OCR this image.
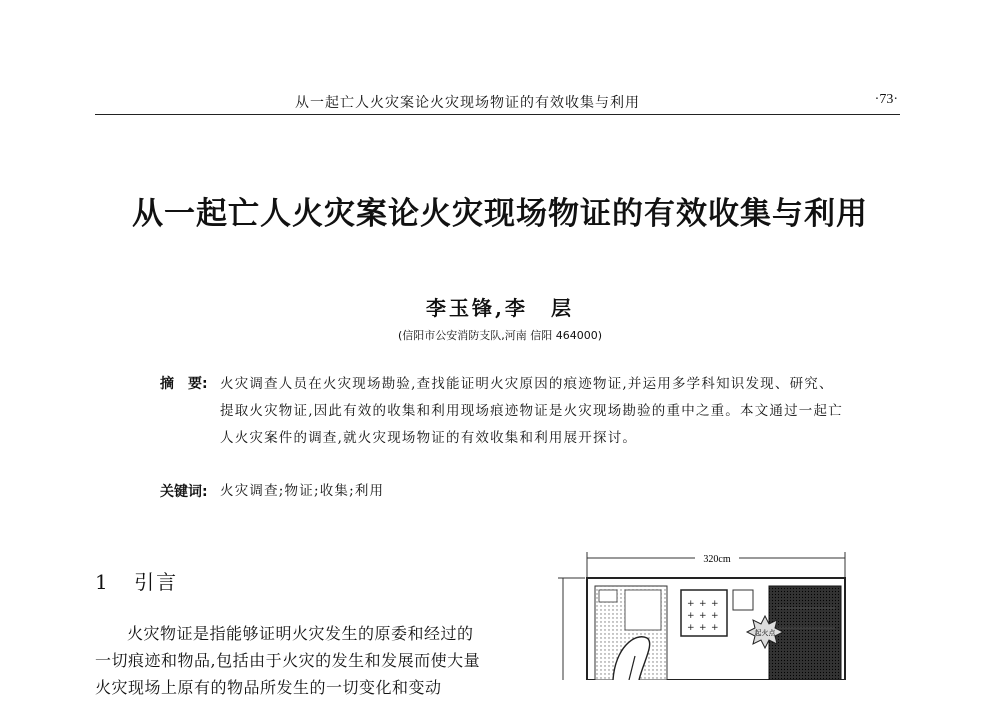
从一起亡人火灾案论火灾现场物证的有效收集与利用	·73·
从一起亡人火灾案论火灾现场物证的有效收集与利用
李玉锋,李　层
(信阳市公安消防支队,河南 信阳 464000)
摘　要: 火灾调查人员在火灾现场勘验,查找能证明火灾原因的痕迹物证,并运用多学科知识发现、研究、提取火灾物证,因此有效的收集和利用现场痕迹物证是火灾现场勘验的重中之重。本文通过一起亡人火灾案件的调查,就火灾现场物证的有效收集和利用展开探讨。
关键词: 火灾调查;物证;收集;利用
1 引言

火灾物证是指能够证明火灾发生的原委和经过的一切痕迹和物品,包括由于火灾的发生和发展而使大量火灾现场上原有的物品所发生的一切变化和变动

320cm
+ + +
+ + +
+ + +	起火点
